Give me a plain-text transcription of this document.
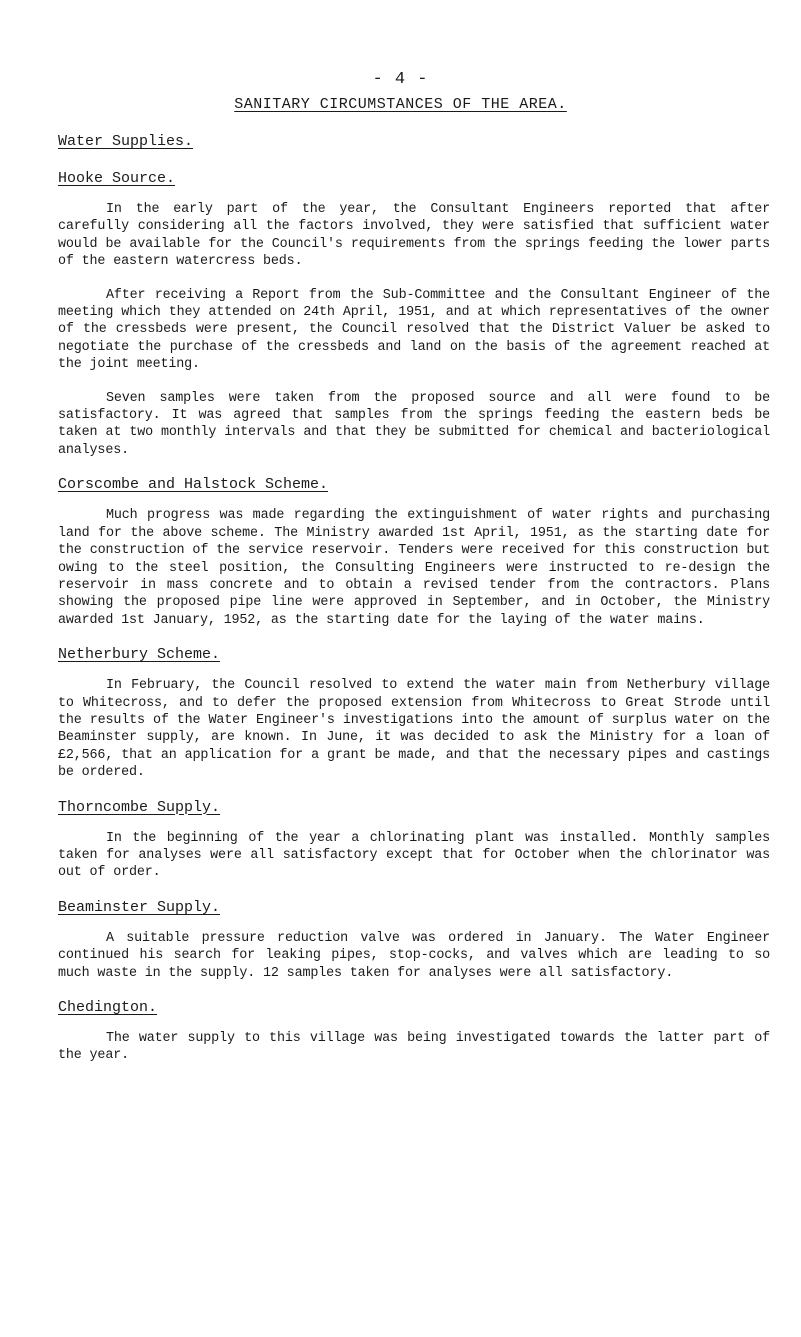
- 4 -
SANITARY CIRCUMSTANCES OF THE AREA.
Water Supplies.
Hooke Source.

In the early part of the year, the Consultant Engineers reported that after carefully considering all the factors involved, they were satisfied that sufficient water would be available for the Council's requirements from the springs feeding the lower parts of the eastern watercress beds.

After receiving a Report from the Sub-Committee and the Consultant Engineer of the meeting which they attended on 24th April, 1951, and at which representatives of the owner of the cressbeds were present, the Council resolved that the District Valuer be asked to negotiate the purchase of the cressbeds and land on the basis of the agreement reached at the joint meeting.

Seven samples were taken from the proposed source and all were found to be satisfactory. It was agreed that samples from the springs feeding the eastern beds be taken at two monthly intervals and that they be submitted for chemical and bacteriological analyses.

Corscombe and Halstock Scheme.

Much progress was made regarding the extinguishment of water rights and purchasing land for the above scheme. The Ministry awarded 1st April, 1951, as the starting date for the construction of the service reservoir. Tenders were received for this construction but owing to the steel position, the Consulting Engineers were instructed to re-design the reservoir in mass concrete and to obtain a revised tender from the contractors. Plans showing the proposed pipe line were approved in September, and in October, the Ministry awarded 1st January, 1952, as the starting date for the laying of the water mains.

Netherbury Scheme.

In February, the Council resolved to extend the water main from Netherbury village to Whitecross, and to defer the proposed extension from Whitecross to Great Strode until the results of the Water Engineer's investigations into the amount of surplus water on the Beaminster supply, are known. In June, it was decided to ask the Ministry for a loan of £2,566, that an application for a grant be made, and that the necessary pipes and castings be ordered.

Thorncombe Supply.

In the beginning of the year a chlorinating plant was installed. Monthly samples taken for analyses were all satisfactory except that for October when the chlorinator was out of order.

Beaminster Supply.

A suitable pressure reduction valve was ordered in January. The Water Engineer continued his search for leaking pipes, stop-cocks, and valves which are leading to so much waste in the supply. 12 samples taken for analyses were all satisfactory.

Chedington.

The water supply to this village was being investigated towards the latter part of the year.
